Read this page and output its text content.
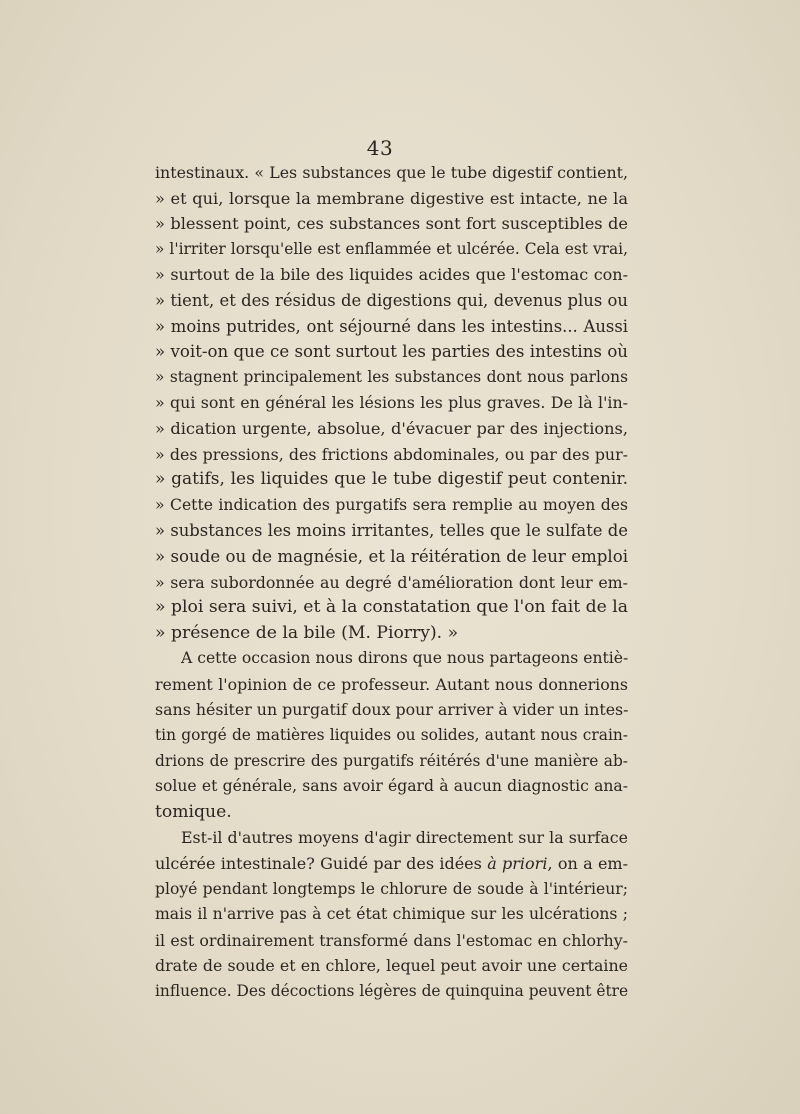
43
intestinaux. « Les substances que le tube digestif contient,
» et qui, lorsque la membrane digestive est intacte, ne la
» blessent point, ces substances sont fort susceptibles de
» l'irriter lorsqu'elle est enflammée et ulcérée. Cela est vrai,
» surtout de la bile des liquides acides que l'estomac con-
» tient, et des résidus de digestions qui, devenus plus ou
» moins putrides, ont séjourné dans les intestins... Aussi
» voit-on que ce sont surtout les parties des intestins où
» stagnent principalement les substances dont nous parlons
» qui sont en général les lésions les plus graves. De là l'in-
» dication urgente, absolue, d'évacuer par des injections,
» des pressions, des frictions abdominales, ou par des pur-
» gatifs, les liquides que le tube digestif peut contenir.
» Cette indication des purgatifs sera remplie au moyen des
» substances les moins irritantes, telles que le sulfate de
» soude ou de magnésie, et la réitération de leur emploi
» sera subordonnée au degré d'amélioration dont leur em-
» ploi sera suivi, et à la constatation que l'on fait de la
» présence de la bile (M. Piorry). »
A cette occasion nous dirons que nous partageons entiè-
rement l'opinion de ce professeur. Autant nous donnerions
sans hésiter un purgatif doux pour arriver à vider un intes-
tin gorgé de matières liquides ou solides, autant nous crain-
drions de prescrire des purgatifs réitérés d'une manière ab-
solue et générale, sans avoir égard à aucun diagnostic ana-
tomique.
Est-il d'autres moyens d'agir directement sur la surface
ulcérée intestinale? Guidé par des idées à priori, on a em-
ployé pendant longtemps le chlorure de soude à l'intérieur;
mais il n'arrive pas à cet état chimique sur les ulcérations ;
il est ordinairement transformé dans l'estomac en chlorhy-
drate de soude et en chlore, lequel peut avoir une certaine
influence. Des décoctions légères de quinquina peuvent être
